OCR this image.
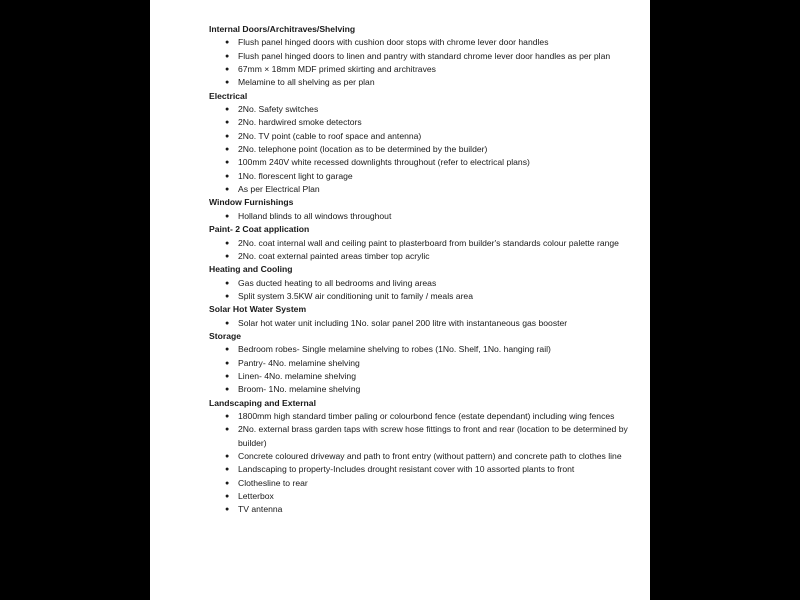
Internal Doors/Architraves/Shelving
● Flush panel hinged doors with cushion door stops with chrome lever door handles
● Flush panel hinged doors to linen and pantry with standard chrome lever door handles as per plan
● 67mm × 18mm MDF primed skirting and architraves
● Melamine to all shelving as per plan
Electrical
● 2No. Safety switches
● 2No. hardwired smoke detectors
● 2No. TV point (cable to roof space and antenna)
● 2No. telephone point (location as to be determined by the builder)
● 100mm 240V white recessed downlights throughout (refer to electrical plans)
● 1No. florescent light to garage
● As per Electrical Plan
Window Furnishings
● Holland blinds to all windows throughout
Paint- 2 Coat application
● 2No. coat internal wall and ceiling paint to plasterboard from builder's standards colour palette range
● 2No. coat external painted areas timber top acrylic
Heating and Cooling
● Gas ducted heating to all bedrooms and living areas
● Split system 3.5KW air conditioning unit to family / meals area
Solar Hot Water System
● Solar hot water unit including 1No. solar panel 200 litre with instantaneous gas booster
Storage
● Bedroom robes- Single melamine shelving to robes (1No. Shelf, 1No. hanging rail)
● Pantry- 4No. melamine shelving
● Linen- 4No. melamine shelving
● Broom- 1No. melamine shelving
Landscaping and External
● 1800mm high standard timber paling or colourbond fence (estate dependant) including wing fences
● 2No. external brass garden taps with screw hose fittings to front and rear (location to be determined by builder)
● Concrete coloured driveway and path to front entry (without pattern) and concrete path to clothes line
● Landscaping to property-Includes drought resistant cover with 10 assorted plants to front
● Clothesline to rear
● Letterbox
● TV antenna
